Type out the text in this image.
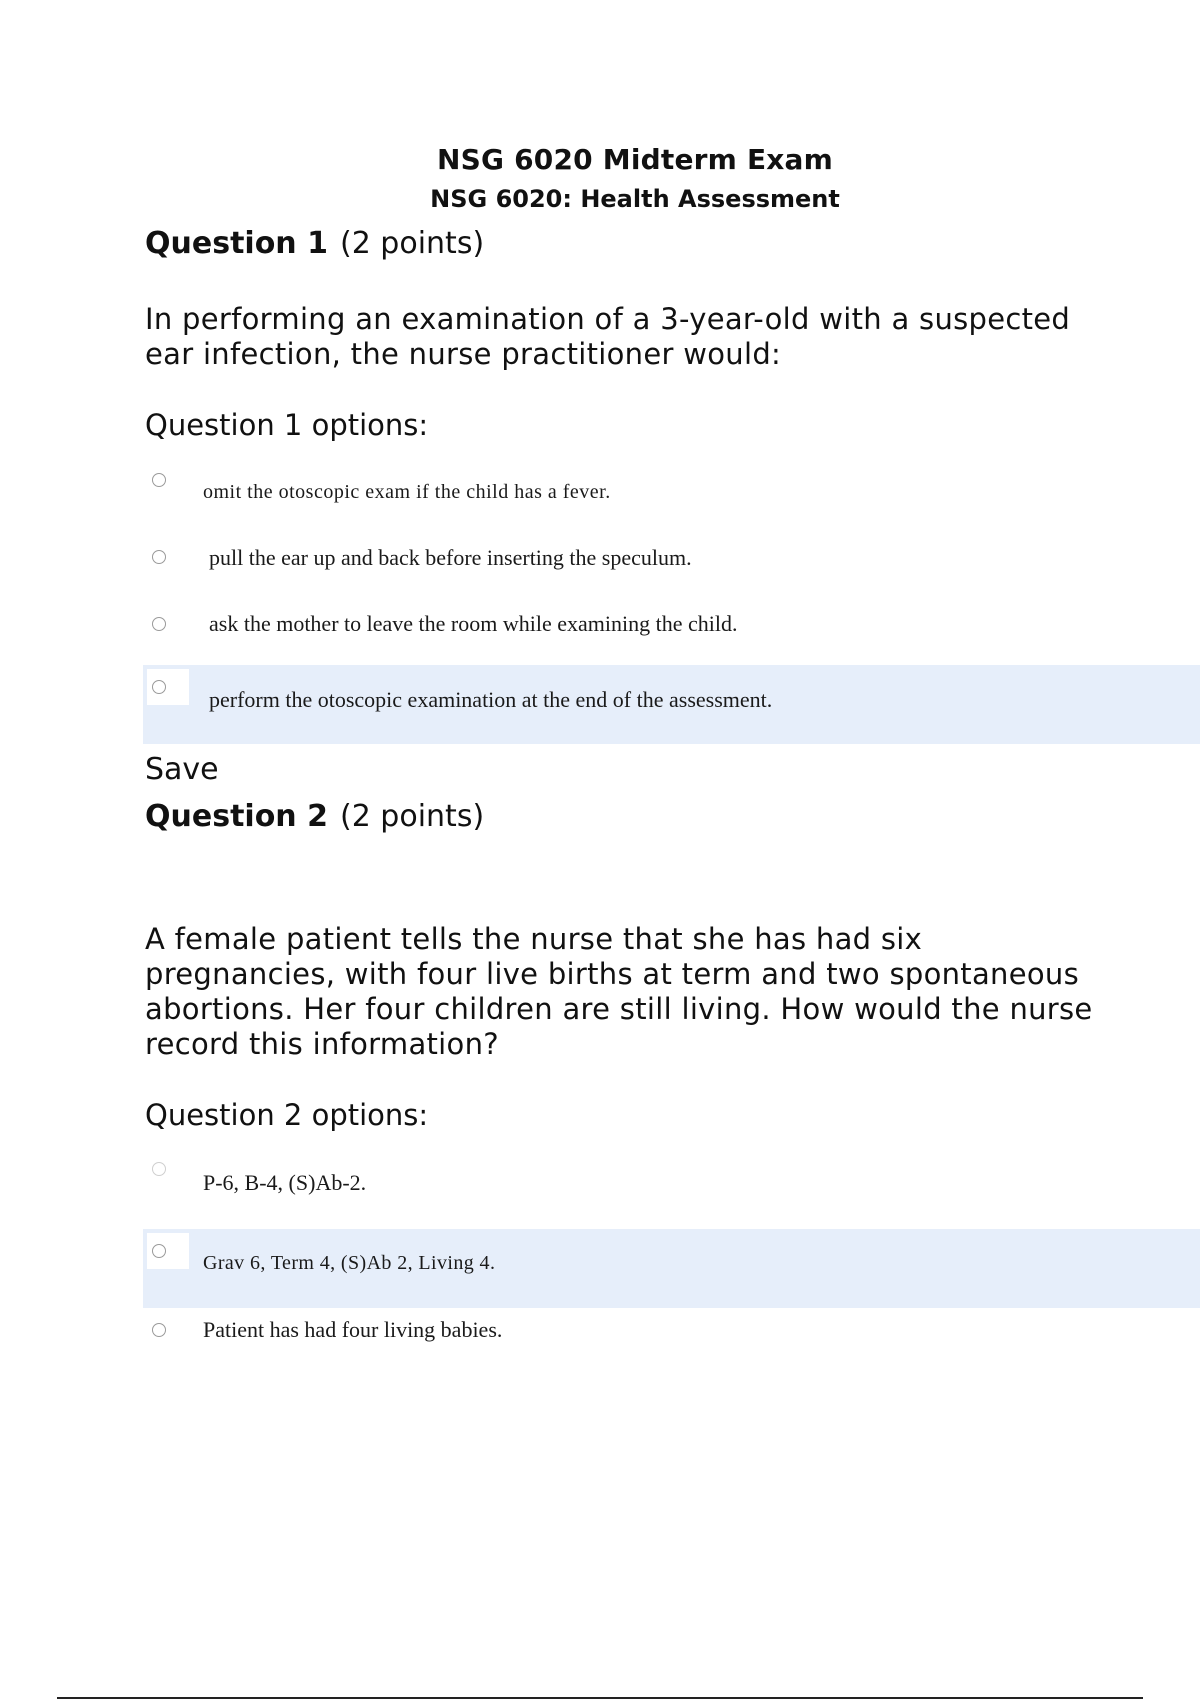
NSG 6020 Midterm Exam
NSG 6020: Health Assessment
Question 1 (2 points)
In performing an examination of a 3-year-old with a suspected ear infection, the nurse practitioner would:
Question 1 options:
omit the otoscopic exam if the child has a fever.
pull the ear up and back before inserting the speculum.
ask the mother to leave the room while examining the child.
perform the otoscopic examination at the end of the assessment.
Save
Question 2 (2 points)
A female patient tells the nurse that she has had six pregnancies, with four live births at term and two spontaneous abortions. Her four children are still living. How would the nurse record this information?
Question 2 options:
P-6, B-4, (S)Ab-2.
Grav 6, Term 4, (S)Ab 2, Living 4.
Patient has had four living babies.
